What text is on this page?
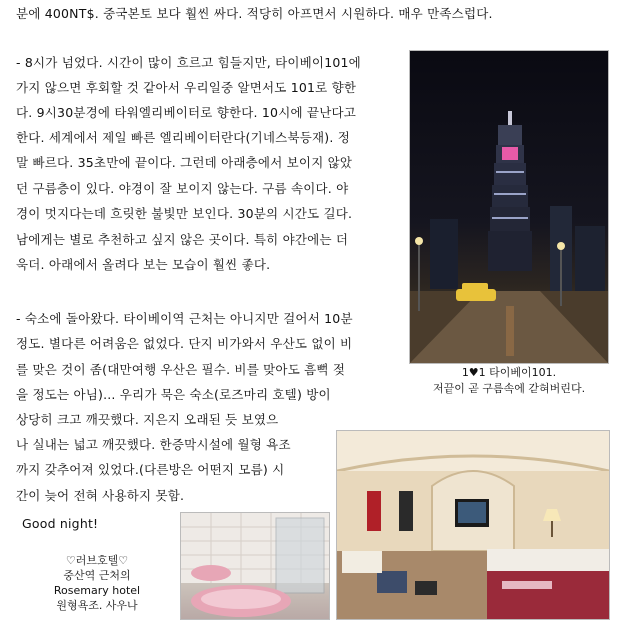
분에 400NT$. 중국본토 보다 훨씬 싸다. 적당히 아프면서 시원하다. 매우 만족스럽다.
- 8시가 넘었다. 시간이 많이 흐르고 힘들지만, 타이베이101에
가지 않으면 후회할 것 같아서 우리일중 알면서도 101로 향한
다. 9시30분경에 타워엘리베이터로 향한다. 10시에 끝난다고
한다. 세계에서 제일 빠른 엘리베이터란다(기네스북등재). 정
말 빠르다. 35초만에 끝이다. 그런데 아래층에서 보이지 않았
던 구름층이 있다. 야경이 잘 보이지 않는다. 구름 속이다. 야
경이 멋지다는데 흐릿한 불빛만 보인다. 30분의 시간도 길다.
남에게는 별로 추천하고 싶지 않은 곳이다. 특히 야간에는 더
욱더. 아래에서 올려다 보는 모습이 훨씬 좋다.
- 숙소에 돌아왔다. 타이베이역 근처는 아니지만 걸어서 10분
정도. 별다른 어려움은 없었다. 단지 비가와서 우산도 없이 비
를 맞은 것이 좀(대만여행 우산은 필수. 비를 맞아도 흠뻑 젖
을 정도는 아님)... 우리가 묵은 숙소(로즈마리 호텔) 방이
상당히 크고 깨끗했다. 지은지 오래된 듯 보였으
나 실내는 넓고 깨끗했다. 한증막시설에 월형 욕조
까지 갖추어져 있었다.(다른방은 어떤지 모름) 시
간이 늦어 전혀 사용하지 못함.
Good night!
1♥1 타이베이101.
저끝이 곧 구름속에 갇혀버린다.
♡러브호텔♡
중산역 근처의
Rosemary hotel
원형욕조. 사우나
